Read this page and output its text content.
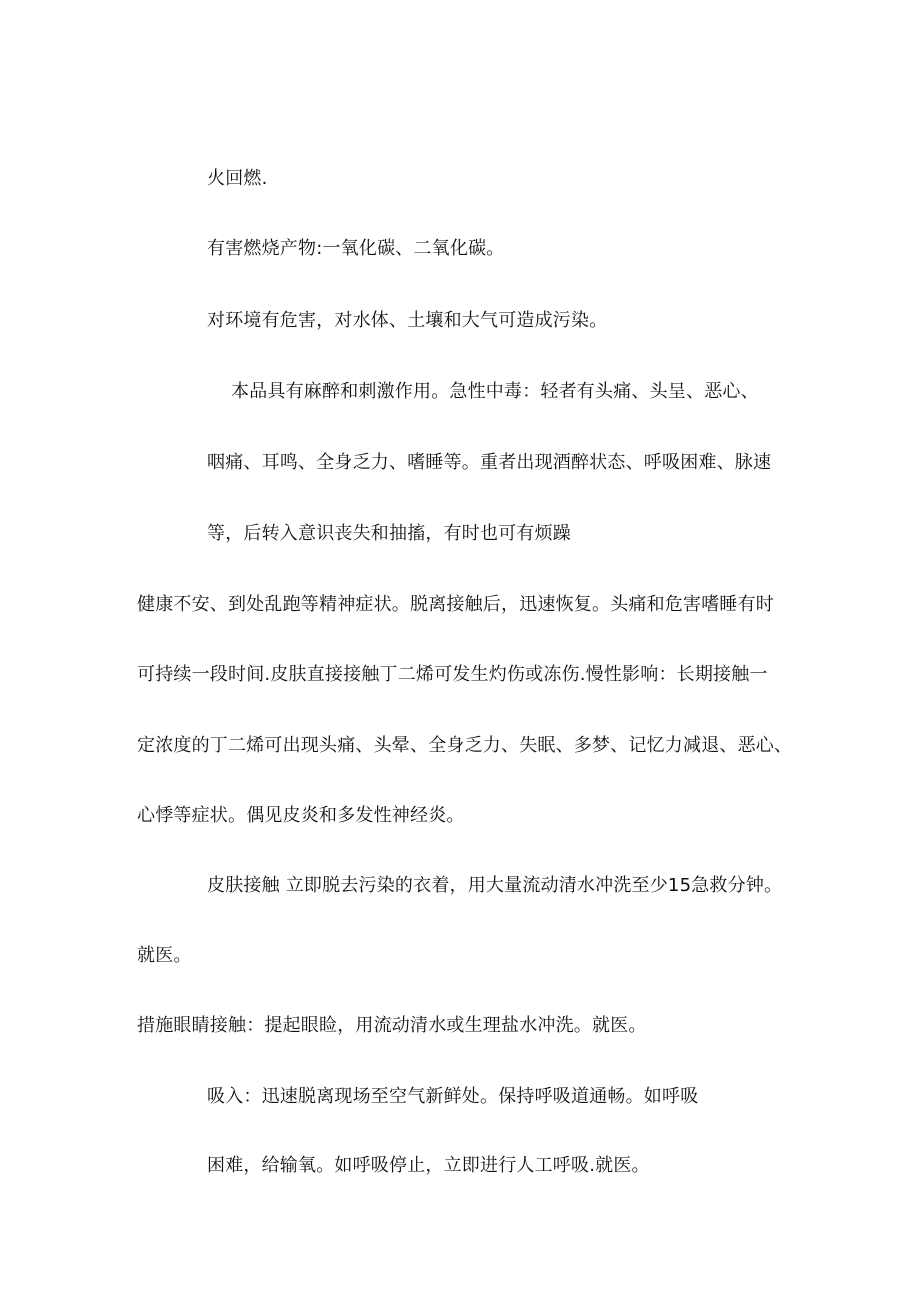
火回燃.
有害燃烧产物:一氧化碳、二氧化碳。
对环境有危害，对水体、土壤和大气可造成污染。
本品具有麻醉和刺激作用。急性中毒：轻者有头痛、头呈、恶心、
咽痛、耳鸣、全身乏力、嗜睡等。重者出现酒醉状态、呼吸困难、脉速
等，后转入意识丧失和抽搐，有时也可有烦躁
健康不安、到处乱跑等精神症状。脱离接触后，迅速恢复。头痛和危害嗜睡有时
可持续一段时间.皮肤直接接触丁二烯可发生灼伤或冻伤.慢性影响：长期接触一
定浓度的丁二烯可出现头痛、头晕、全身乏力、失眠、多梦、记忆力减退、恶心、
心悸等症状。偶见皮炎和多发性神经炎。
皮肤接触 立即脱去污染的衣着，用大量流动清水冲洗至少15急救分钟。
就医。
措施眼睛接触：提起眼睑，用流动清水或生理盐水冲洗。就医。
吸入：迅速脱离现场至空气新鲜处。保持呼吸道通畅。如呼吸
困难，给输氧。如呼吸停止，立即进行人工呼吸.就医。
